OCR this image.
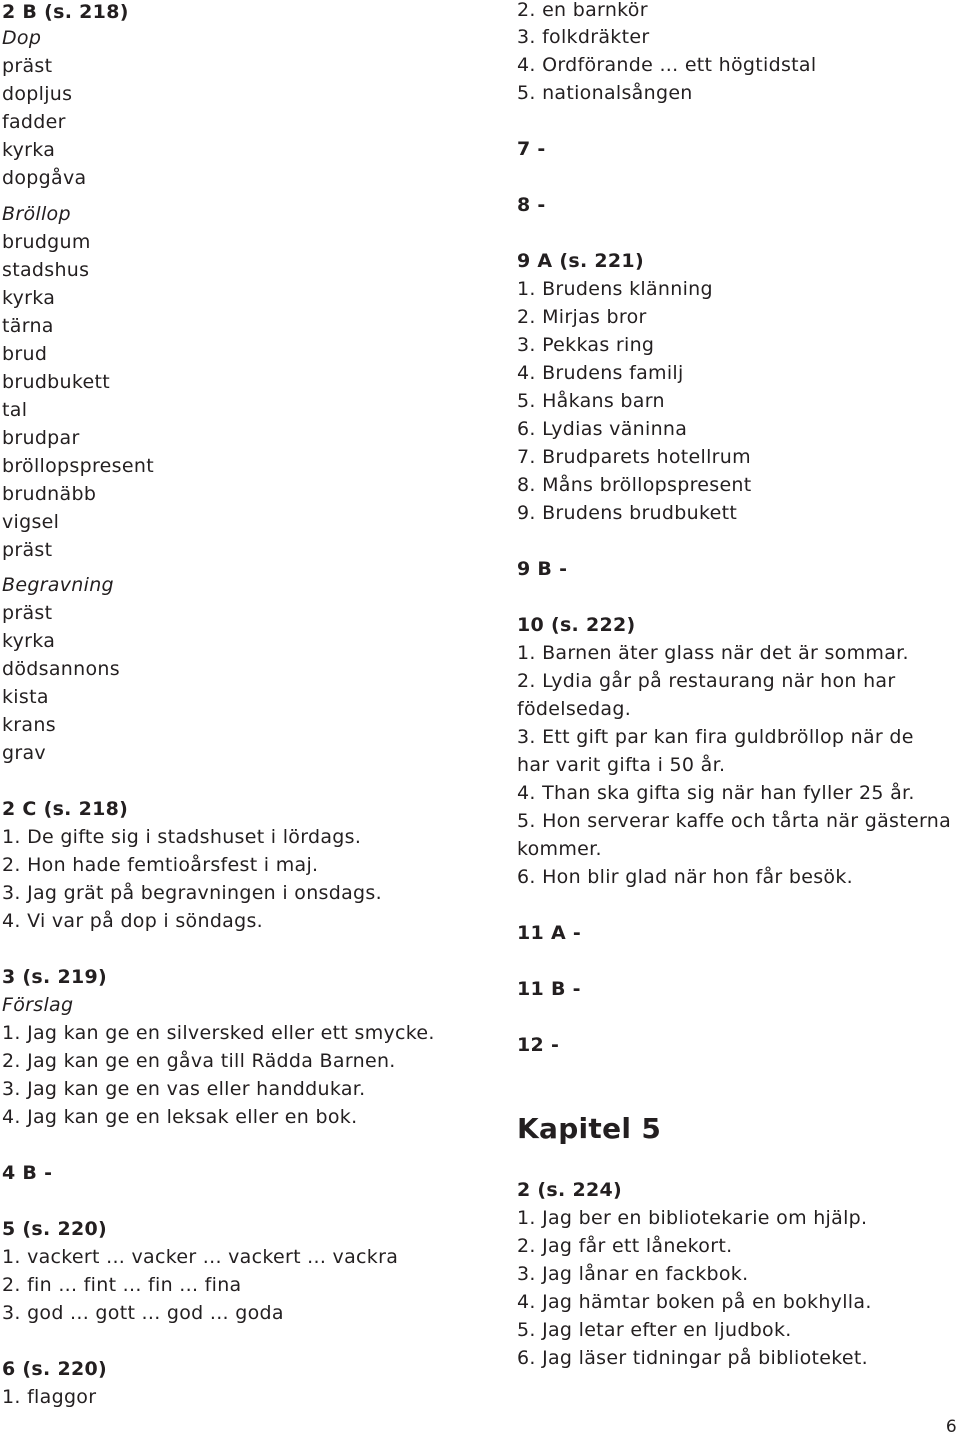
2 B (s. 218)
Dop
präst
dopljus
fadder
kyrka
dopgåva
Bröllop
brudgum
stadshus
kyrka
tärna
brud
brudbukett
tal
brudpar
bröllopspresent
brudnäbb
vigsel
präst
Begravning
präst
kyrka
dödsannons
kista
krans
grav
2 C (s. 218)
1. De gifte sig i stadshuset i lördags.
2. Hon hade femtioårsfest i maj.
3. Jag grät på begravningen i onsdags.
4. Vi var på dop i söndags.
3 (s. 219)
Förslag
1. Jag kan ge en silversked eller ett smycke.
2. Jag kan ge en gåva till Rädda Barnen.
3. Jag kan ge en vas eller handdukar.
4. Jag kan ge en leksak eller en bok.
4 B -
5 (s. 220)
1. vackert ... vacker ... vackert ... vackra
2. fin ... fint ... fin ... fina
3. god ... gott ... god ... goda
6 (s. 220)
1. flaggor
2. en barnkör
3. folkdräkter
4. Ordförande ... ett högtidstal
5. nationalsången
7 -
8 -
9 A (s. 221)
1. Brudens klänning
2. Mirjas bror
3. Pekkas ring
4. Brudens familj
5. Håkans barn
6. Lydias väninna
7. Brudparets hotellrum
8. Måns bröllopspresent
9. Brudens brudbukett
9 B -
10 (s. 222)
1. Barnen äter glass när det är sommar.
2. Lydia går på restaurang när hon har
födelsedag.
3. Ett gift par kan fira guldbröllop när de
har varit gifta i 50 år.
4. Than ska gifta sig när han fyller 25 år.
5. Hon serverar kaffe och tårta när gästerna
kommer.
6. Hon blir glad när hon får besök.
11 A -
11 B -
12 -
Kapitel 5
2 (s. 224)
1. Jag ber en bibliotekarie om hjälp.
2. Jag får ett lånekort.
3. Jag lånar en fackbok.
4. Jag hämtar boken på en bokhylla.
5. Jag letar efter en ljudbok.
6. Jag läser tidningar på biblioteket.
6
